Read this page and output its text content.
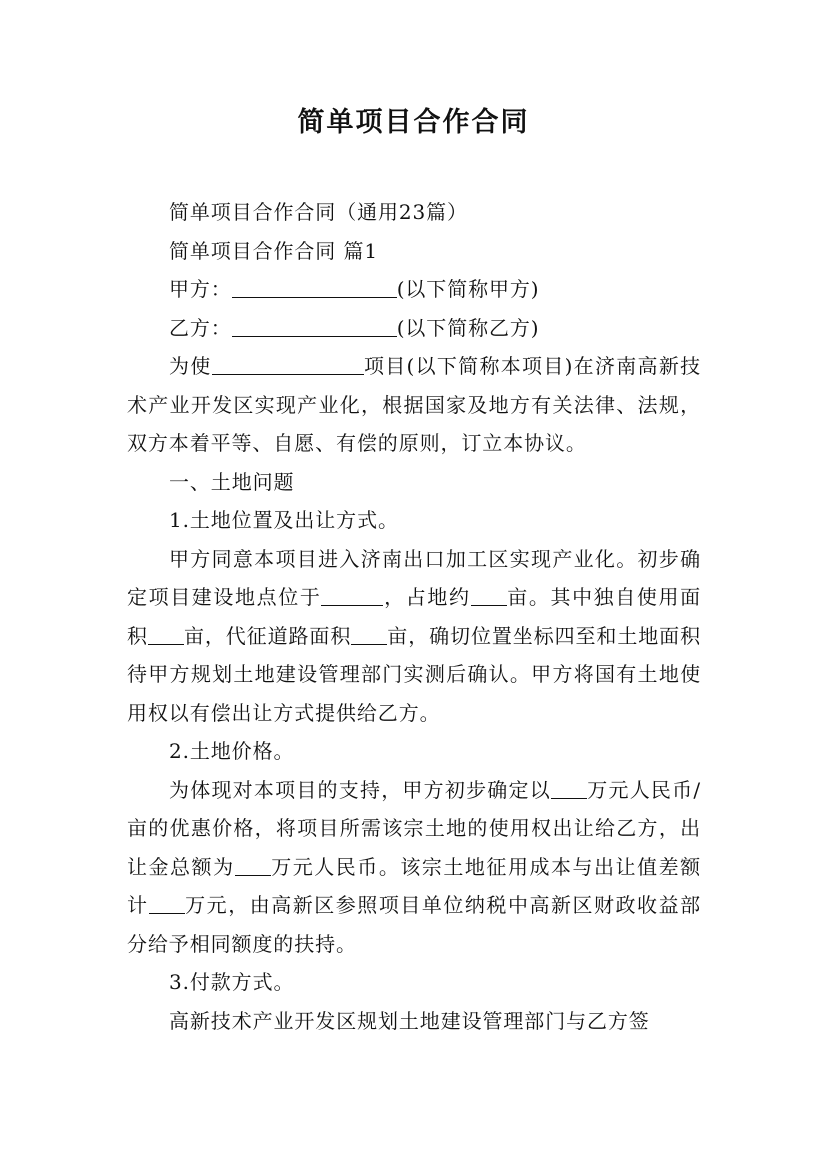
简单项目合作合同

简单项目合作合同（通用23篇）

简单项目合作合同 篇1

甲方：	(以下简称甲方)

乙方：	(以下简称乙方)

为使	项目(以下简称本项目)在济南高新技术产业开发区实现产业化，根据国家及地方有关法律、法规，双方本着平等、自愿、有偿的原则，订立本协议。

一、土地问题

1.土地位置及出让方式。

甲方同意本项目进入济南出口加工区实现产业化。初步确定项目建设地点位于	，占地约 亩。其中独自使用面积 亩，代征道路面积 亩，确切位置坐标四至和土地面积待甲方规划土地建设管理部门实测后确认。甲方将国有土地使用权以有偿出让方式提供给乙方。

2.土地价格。

为体现对本项目的支持，甲方初步确定以 万元人民币/亩的优惠价格，将项目所需该宗土地的使用权出让给乙方，出让金总额为 万元人民币。该宗土地征用成本与出让值差额计 万元，由高新区参照项目单位纳税中高新区财政收益部分给予相同额度的扶持。

3.付款方式。

高新技术产业开发区规划土地建设管理部门与乙方签
